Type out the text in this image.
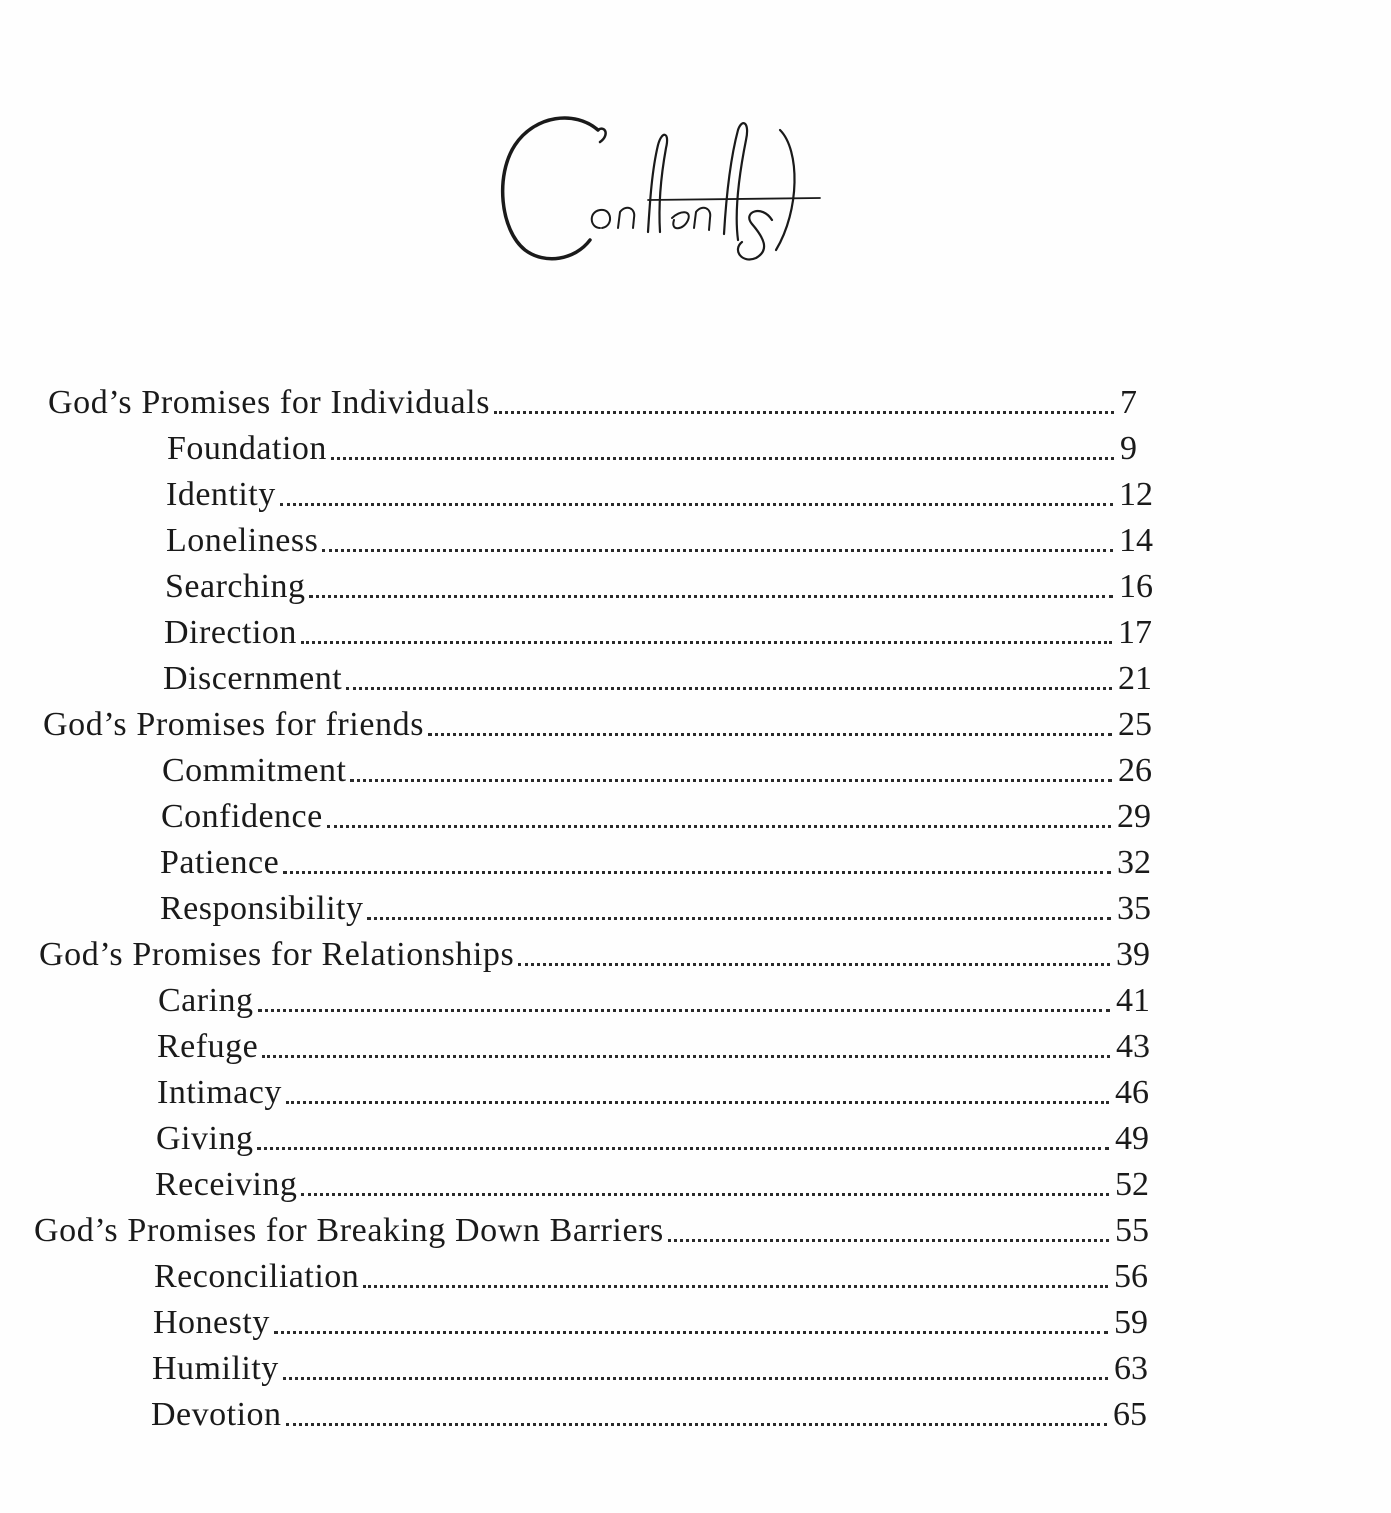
God’s Promises for Individuals	7
Foundation	9
Identity	12
Loneliness	14
Searching	16
Direction	17
Discernment	21
God’s Promises for friends	25
Commitment	26
Confidence	29
Patience	32
Responsibility	35
God’s Promises for Relationships	39
Caring	41
Refuge	43
Intimacy	46
Giving	49
Receiving	52
God’s Promises for Breaking Down Barriers	55
Reconciliation	56
Honesty	59
Humility	63
Devotion	65
